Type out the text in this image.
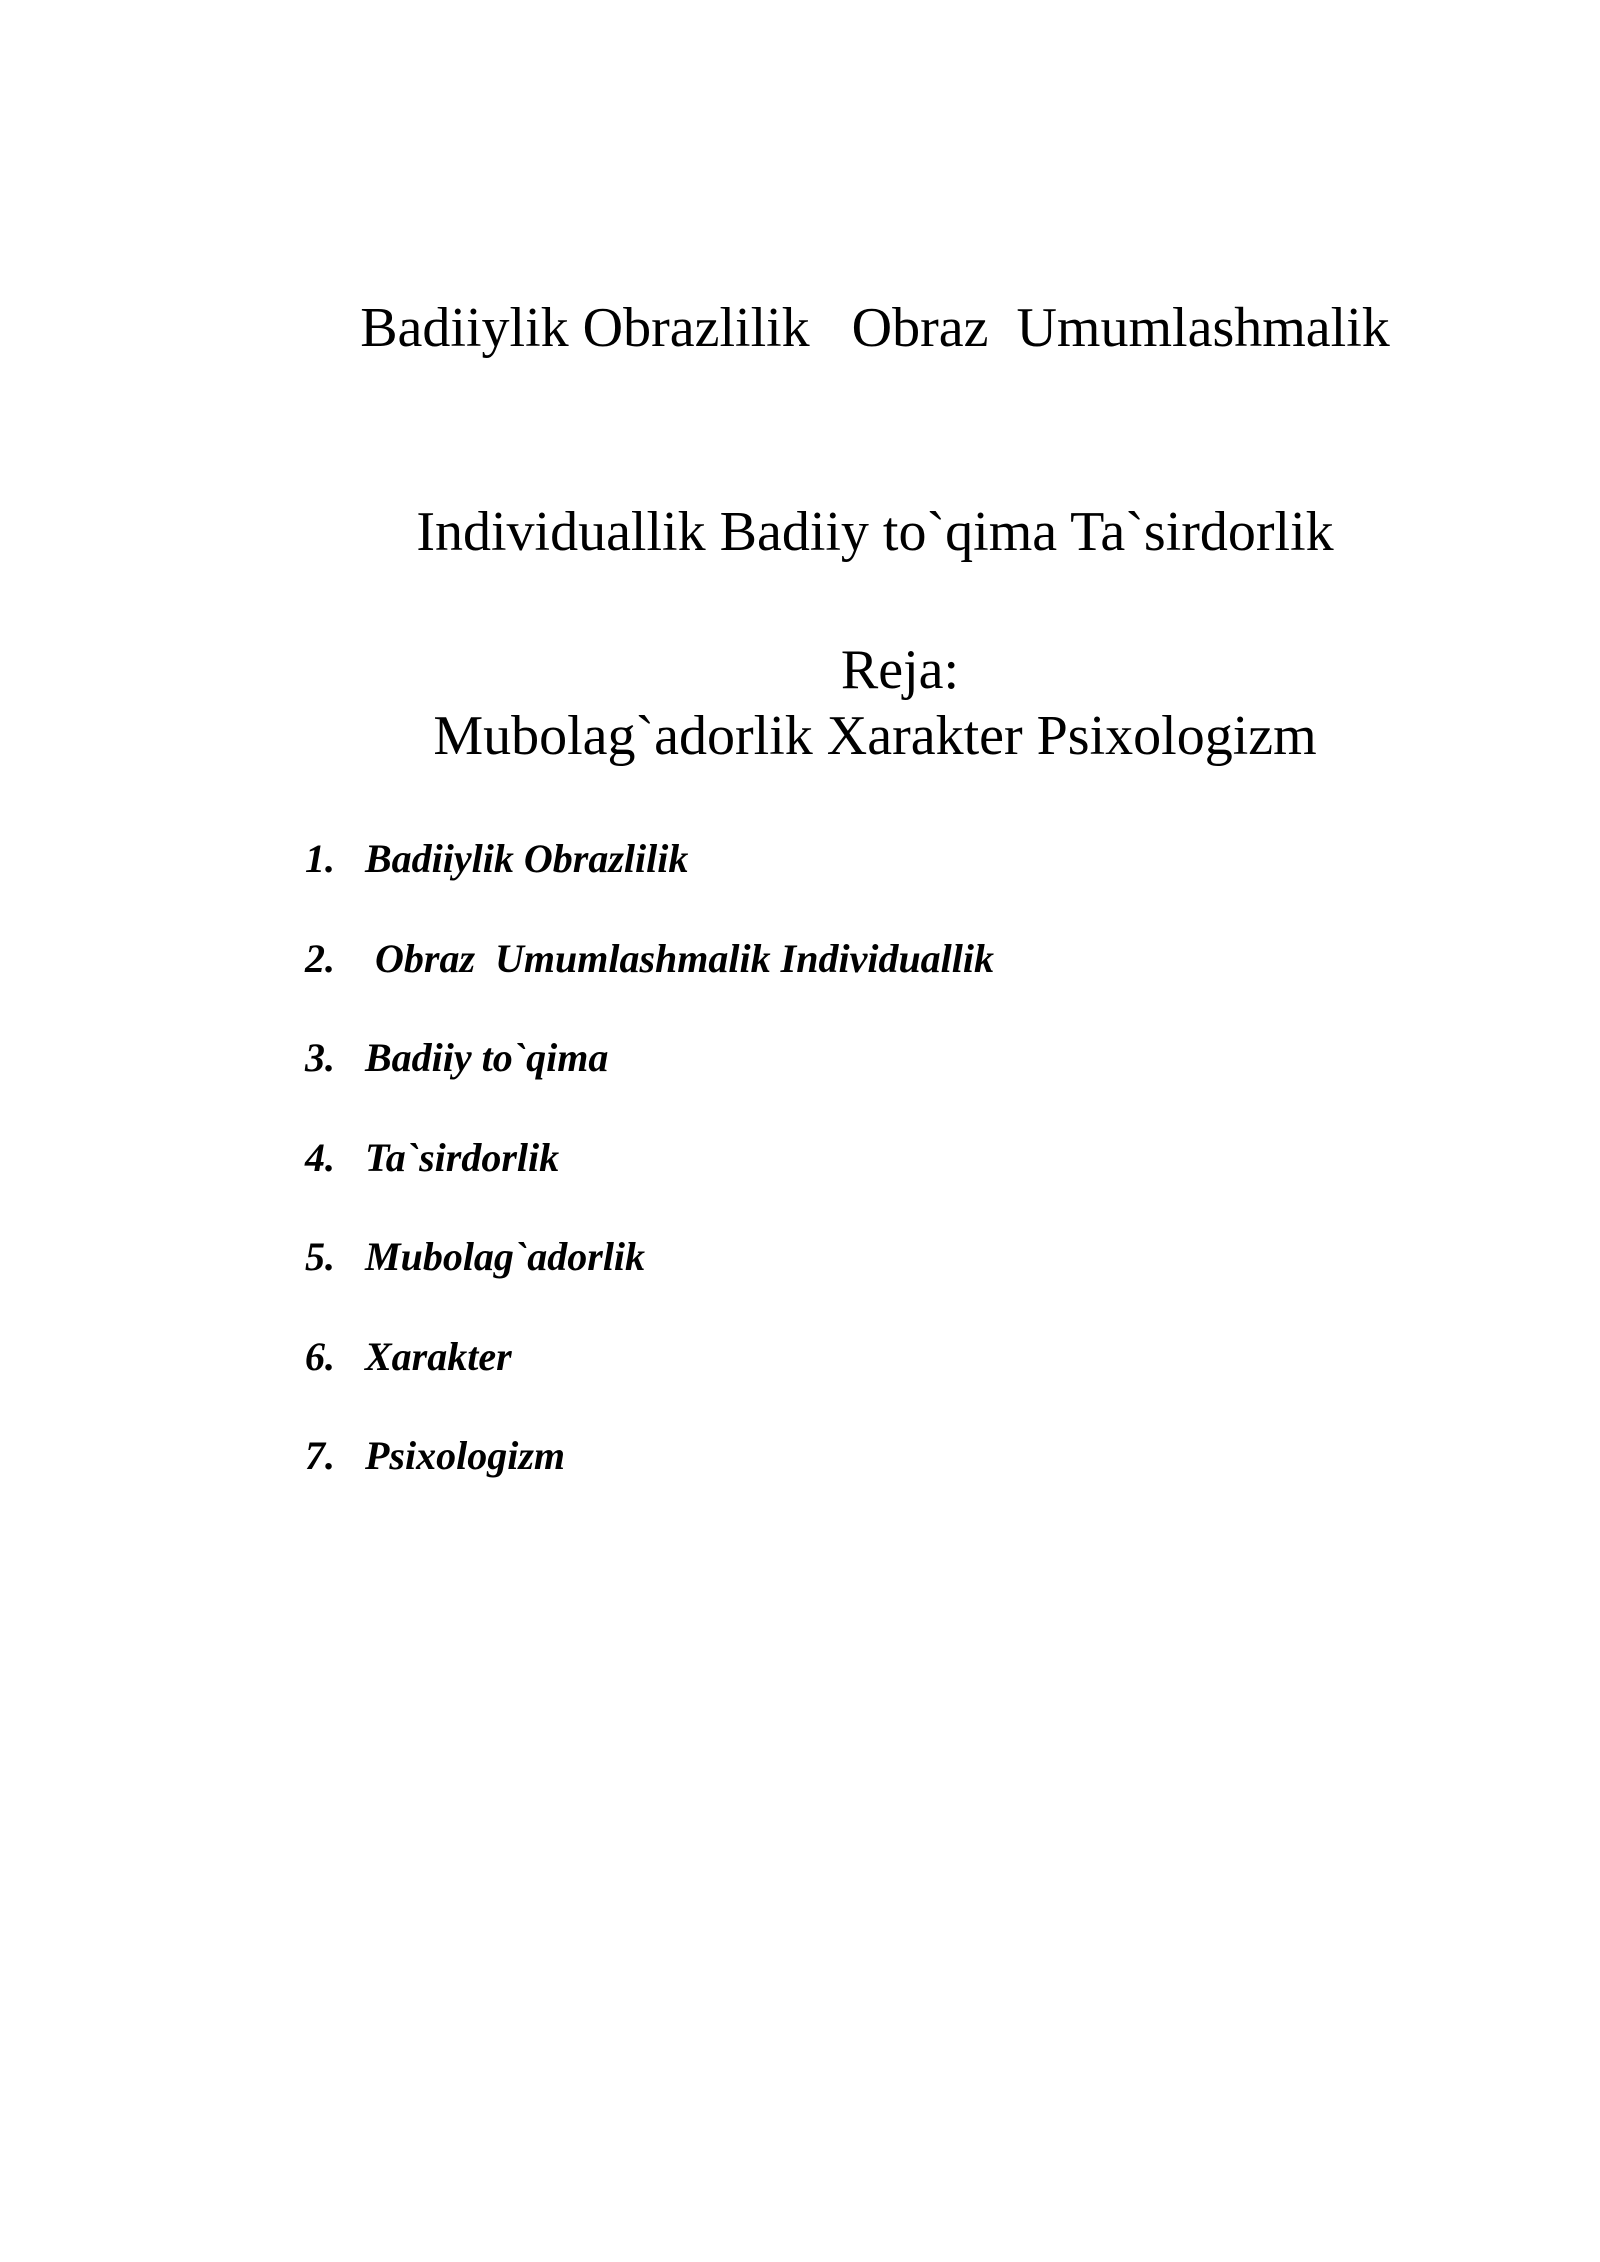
Badiiylik Obrazlilik   Obraz  Umumlashmalik

Individuallik Badiiy to`qima Ta`sirdorlik

Mubolag`adorlik Xarakter Psixologizm

Reja:
1. Badiiylik Obrazlilik
2. Obraz  Umumlashmalik Individuallik
3. Badiiy to`qima
4. Ta`sirdorlik
5. Mubolag`adorlik
6. Xarakter
7. Psixologizm
